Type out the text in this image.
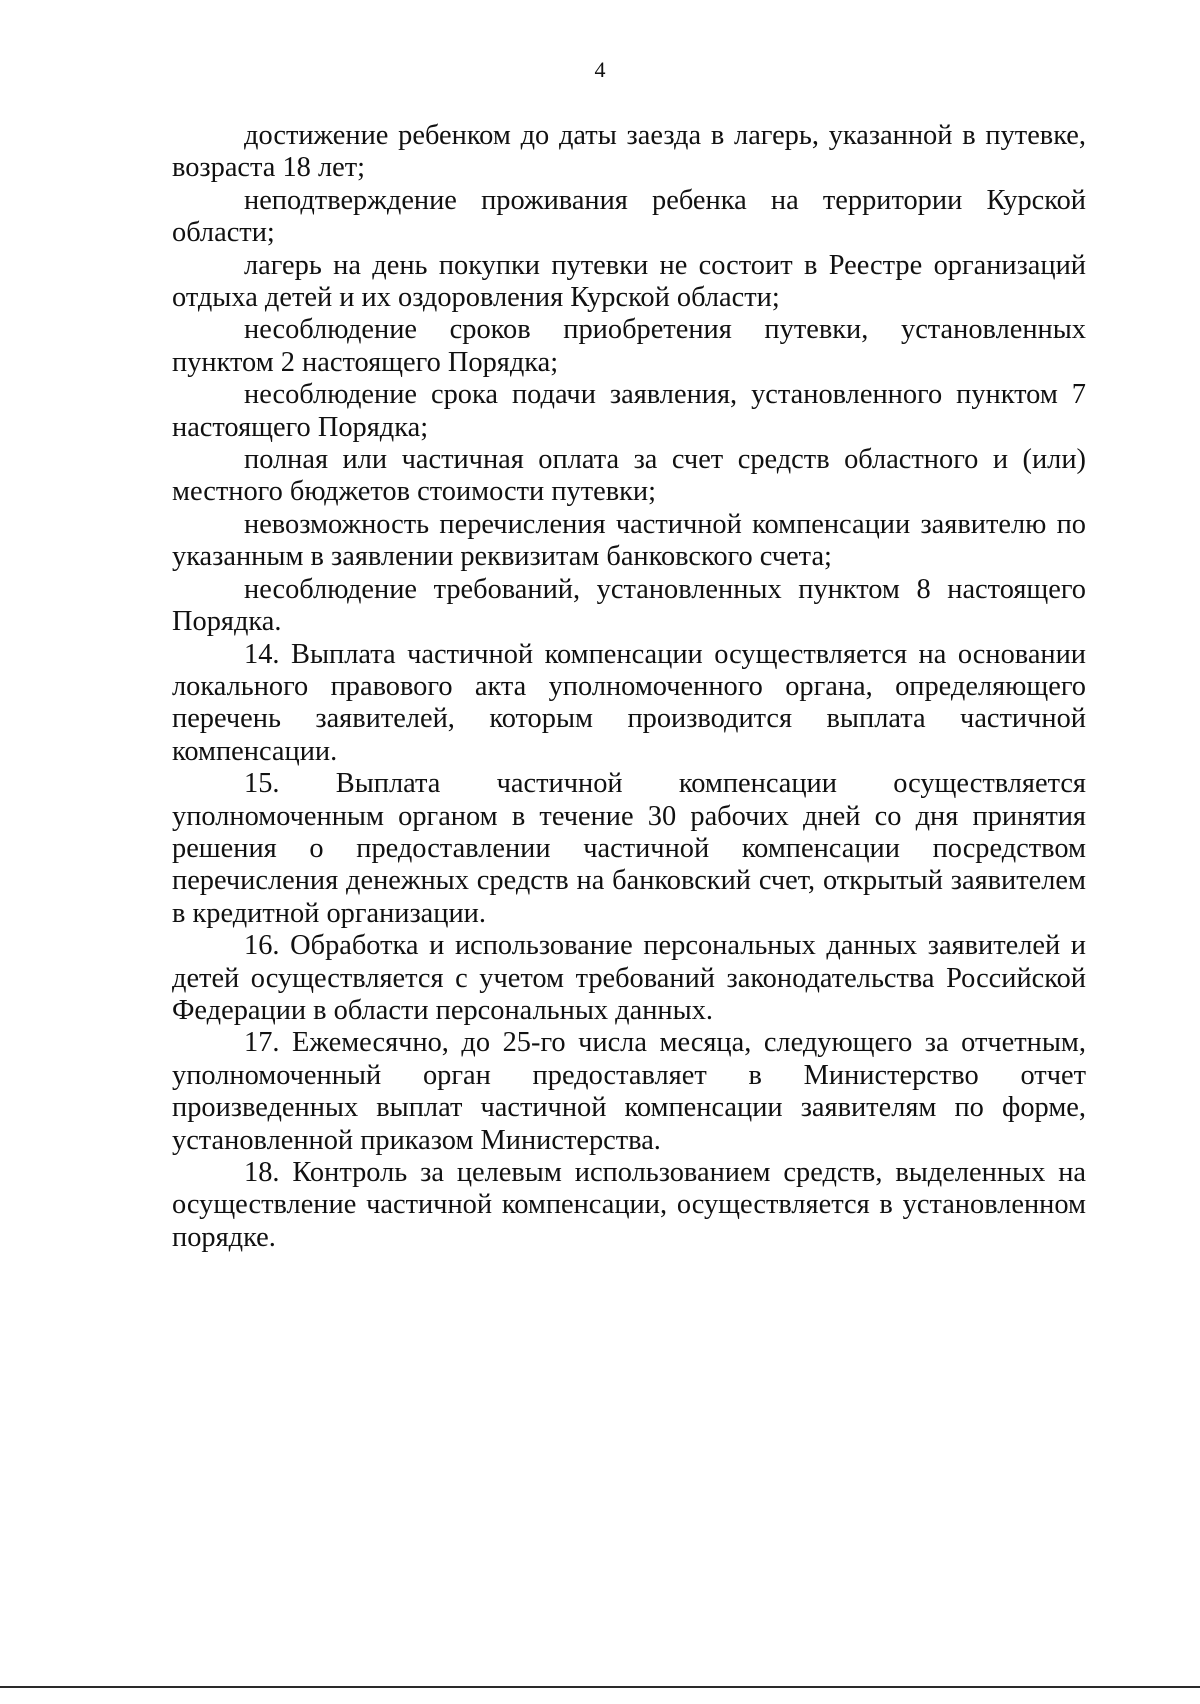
4

достижение ребенком до даты заезда в лагерь, указанной в путевке, возраста 18 лет;

неподтверждение проживания ребенка на территории Курской области;

лагерь на день покупки путевки не состоит в Реестре организаций отдыха детей и их оздоровления Курской области;

несоблюдение сроков приобретения путевки, установленных пунктом 2 настоящего Порядка;

несоблюдение срока подачи заявления, установленного пунктом 7 настоящего Порядка;

полная или частичная оплата за счет средств областного и (или) местного бюджетов стоимости путевки;

невозможность перечисления частичной компенсации заявителю по указанным в заявлении реквизитам банковского счета;

несоблюдение требований, установленных пунктом 8 настоящего Порядка.

14. Выплата частичной компенсации осуществляется на основании локального правового акта уполномоченного органа, определяющего перечень заявителей, которым производится выплата частичной компенсации.

15. Выплата частичной компенсации осуществляется уполномоченным органом в течение 30 рабочих дней со дня принятия решения о предоставлении частичной компенсации посредством перечисления денежных средств на банковский счет, открытый заявителем в кредитной организации.

16. Обработка и использование персональных данных заявителей и детей осуществляется с учетом требований законодательства Российской Федерации в области персональных данных.

17. Ежемесячно, до 25-го числа месяца, следующего за отчетным, уполномоченный орган предоставляет в Министерство отчет произведенных выплат частичной компенсации заявителям по форме, установленной приказом Министерства.

18. Контроль за целевым использованием средств, выделенных на осуществление частичной компенсации, осуществляется в установленном порядке.
